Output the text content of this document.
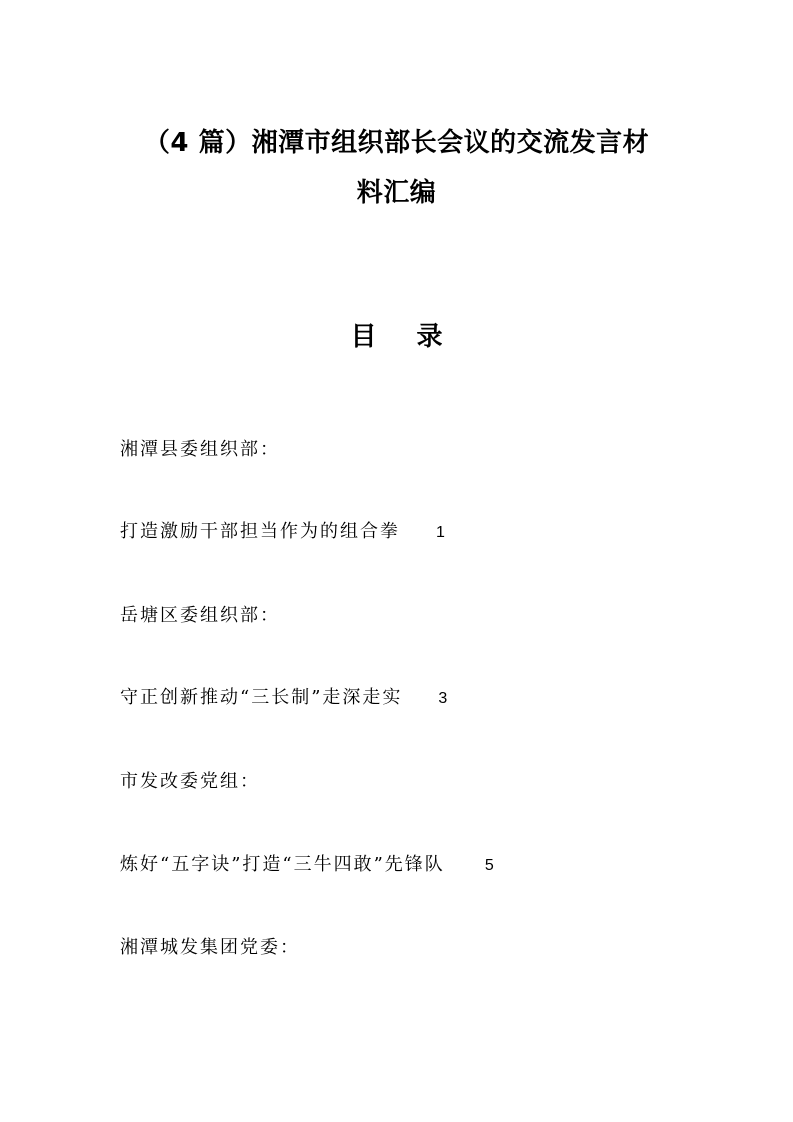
（4 篇）湘潭市组织部长会议的交流发言材
料汇编
目 录
湘潭县委组织部：
打造激励干部担当作为的组合拳 1
岳塘区委组织部：
守正创新推动“三长制”走深走实 3
市发改委党组：
炼好“五字诀”打造“三牛四敢”先锋队	5
湘潭城发集团党委：
